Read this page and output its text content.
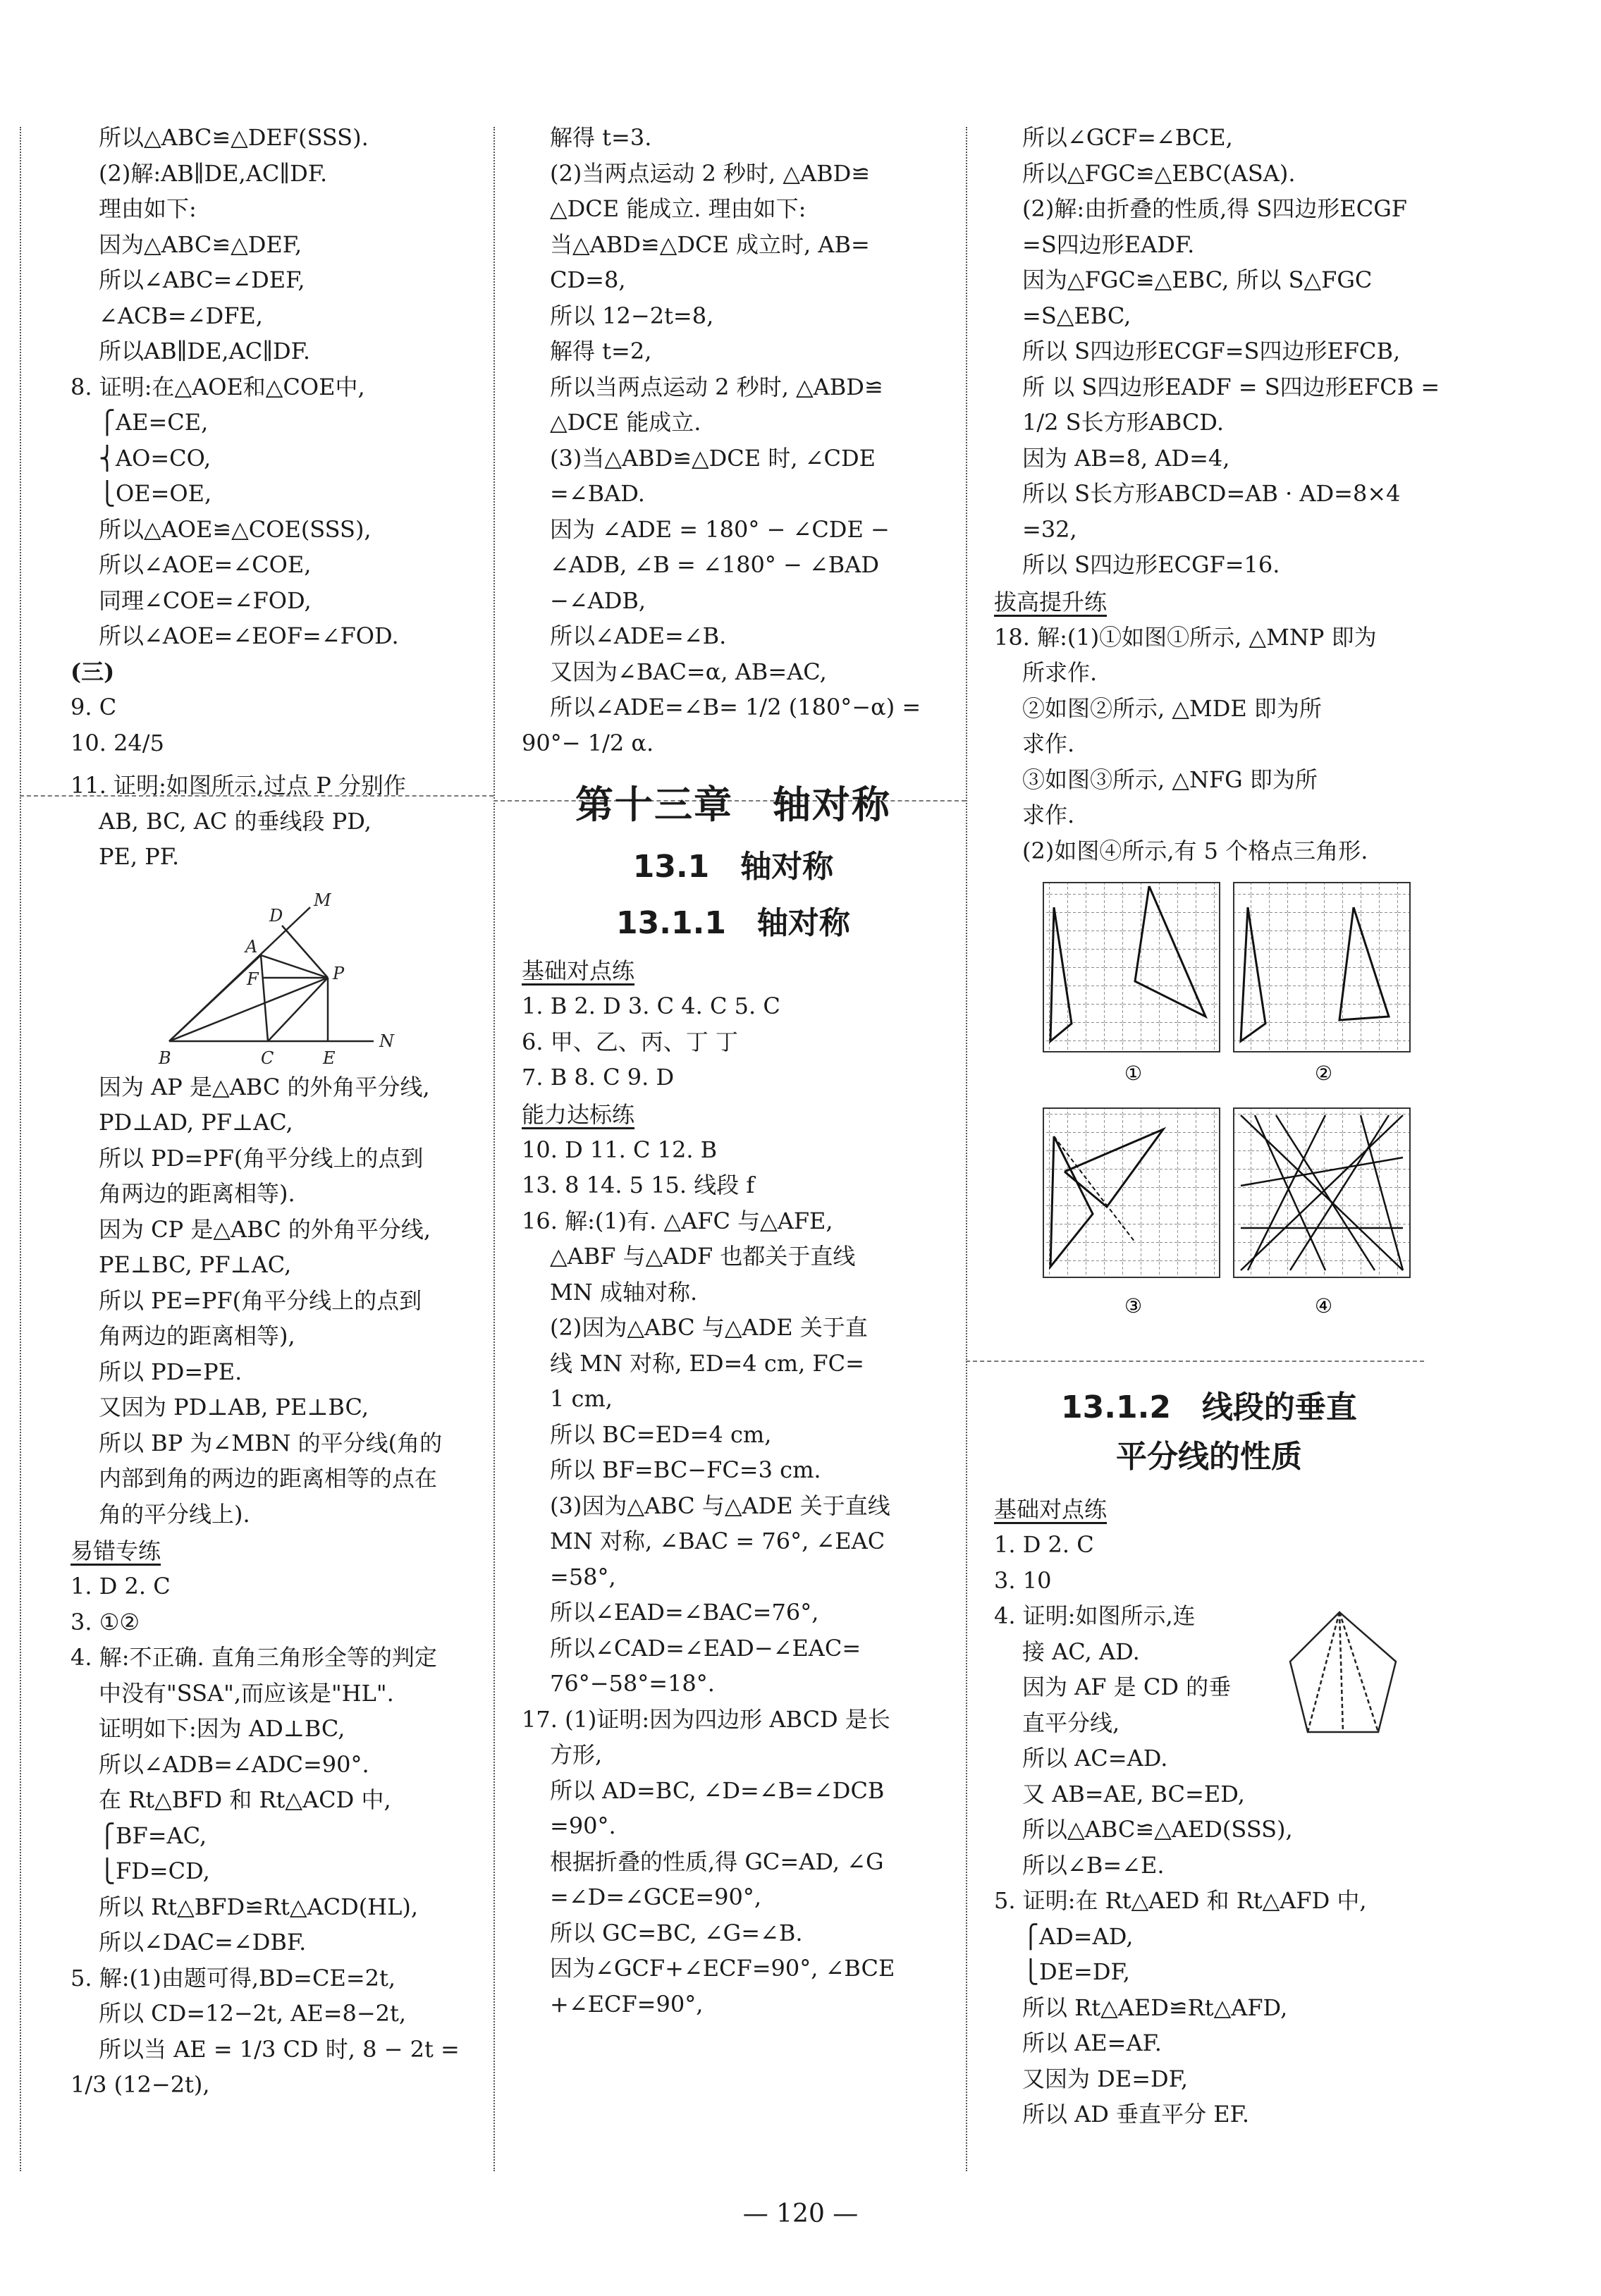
所以△ABC≌△DEF(SSS).
(2)解:AB∥DE,AC∥DF.
理由如下:
因为△ABC≌△DEF,
所以∠ABC=∠DEF,
∠ACB=∠DFE,
所以AB∥DE,AC∥DF.
8. 证明:在△AOE和△COE中,
⎧AE=CE,
⎨AO=CO,
⎩OE=OE,
所以△AOE≌△COE(SSS),
所以∠AOE=∠COE,
同理∠COE=∠FOD,
所以∠AOE=∠EOF=∠FOD.
(三)
9. C
10. 24/5
11. 证明:如图所示,过点 P 分别作
AB, BC, AC 的垂线段 PD,
PE, PF.
M
D
A
F	P
B	C	E
N
因为 AP 是△ABC 的外角平分线,
PD⊥AD, PF⊥AC,
所以 PD=PF(角平分线上的点到
角两边的距离相等).
因为 CP 是△ABC 的外角平分线,
PE⊥BC, PF⊥AC,
所以 PE=PF(角平分线上的点到
角两边的距离相等),
所以 PD=PE.
又因为 PD⊥AB, PE⊥BC,
所以 BP 为∠MBN 的平分线(角的
内部到角的两边的距离相等的点在
角的平分线上).
易错专练
1. D 2. C
3. ①②
4. 解:不正确. 直角三角形全等的判定
中没有"SSA",而应该是"HL".
证明如下:因为 AD⊥BC,
所以∠ADB=∠ADC=90°.
在 Rt△BFD 和 Rt△ACD 中,
⎧BF=AC,
⎩FD=CD,
所以 Rt△BFD≌Rt△ACD(HL),
所以∠DAC=∠DBF.
5. 解:(1)由题可得,BD=CE=2t,
所以 CD=12−2t, AE=8−2t,
所以当 AE = 1/3 CD 时, 8 − 2t =
1/3 (12−2t),
解得 t=3.
(2)当两点运动 2 秒时, △ABD≌
△DCE 能成立. 理由如下:
当△ABD≌△DCE 成立时, AB=
CD=8,
所以 12−2t=8,
解得 t=2,
所以当两点运动 2 秒时, △ABD≌
△DCE 能成立.
(3)当△ABD≌△DCE 时, ∠CDE
=∠BAD.
因为 ∠ADE = 180° − ∠CDE −
∠ADB, ∠B = ∠180° − ∠BAD
−∠ADB,
所以∠ADE=∠B.
又因为∠BAC=α, AB=AC,
所以∠ADE=∠B= 1/2 (180°−α) =
90°− 1/2 α.
第十三章　轴对称
13.1　轴对称
13.1.1　轴对称
基础对点练
1. B 2. D 3. C 4. C 5. C
6. 甲、乙、丙、丁 丁
7. B 8. C 9. D
能力达标练
10. D 11. C 12. B
13. 8 14. 5 15. 线段 f
16. 解:(1)有. △AFC 与△AFE,
△ABF 与△ADF 也都关于直线
MN 成轴对称.
(2)因为△ABC 与△ADE 关于直
线 MN 对称, ED=4 cm, FC=
1 cm,
所以 BC=ED=4 cm,
所以 BF=BC−FC=3 cm.
(3)因为△ABC 与△ADE 关于直线
MN 对称, ∠BAC = 76°, ∠EAC
=58°,
所以∠EAD=∠BAC=76°,
所以∠CAD=∠EAD−∠EAC=
76°−58°=18°.
17. (1)证明:因为四边形 ABCD 是长
方形,
所以 AD=BC, ∠D=∠B=∠DCB
=90°.
根据折叠的性质,得 GC=AD, ∠G
=∠D=∠GCE=90°,
所以 GC=BC, ∠G=∠B.
因为∠GCF+∠ECF=90°, ∠BCE
+∠ECF=90°,
所以∠GCF=∠BCE,
所以△FGC≌△EBC(ASA).
(2)解:由折叠的性质,得 S四边形ECGF
=S四边形EADF.
因为△FGC≌△EBC, 所以 S△FGC
=S△EBC,
所以 S四边形ECGF=S四边形EFCB,
所 以 S四边形EADF = S四边形EFCB =
1/2 S长方形ABCD.
因为 AB=8, AD=4,
所以 S长方形ABCD=AB · AD=8×4
=32,
所以 S四边形ECGF=16.
拔高提升练
18. 解:(1)①如图①所示, △MNP 即为
所求作.
②如图②所示, △MDE 即为所
求作.
③如图③所示, △NFG 即为所
求作.
(2)如图④所示,有 5 个格点三角形.
①	②
③	④
13.1.2　线段的垂直
平分线的性质
基础对点练
1. D 2. C
3. 10
4. 证明:如图所示,连
接 AC, AD.
因为 AF 是 CD 的垂
直平分线,
所以 AC=AD.
又 AB=AE, BC=ED,
所以△ABC≌△AED(SSS),
所以∠B=∠E.
5. 证明:在 Rt△AED 和 Rt△AFD 中,
⎧AD=AD,
⎩DE=DF,
所以 Rt△AED≌Rt△AFD,
所以 AE=AF.
又因为 DE=DF,
所以 AD 垂直平分 EF.
— 120 —
